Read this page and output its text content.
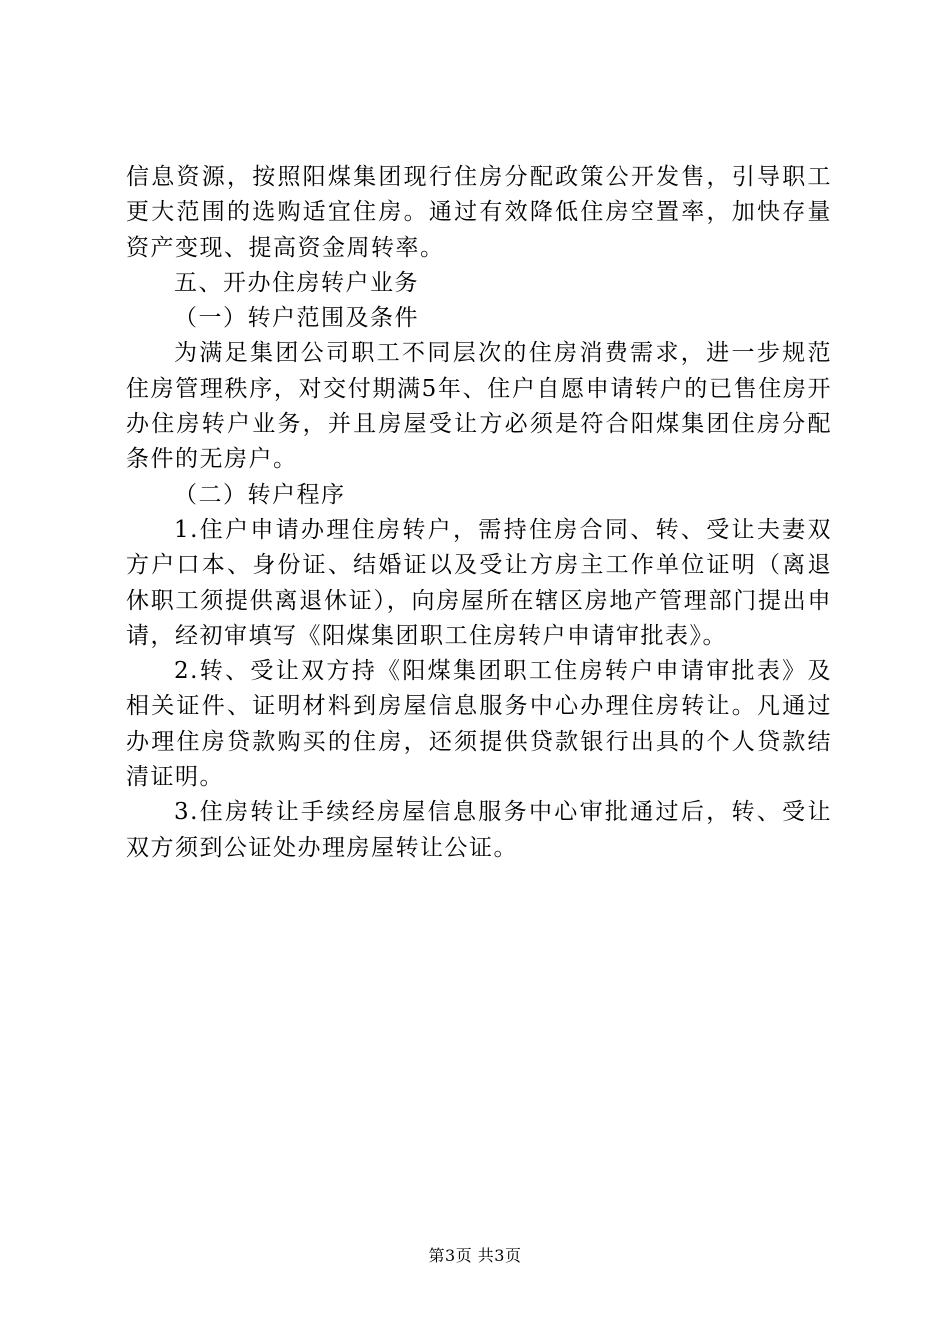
信息资源，按照阳煤集团现行住房分配政策公开发售，引导职工更大范围的选购适宜住房。通过有效降低住房空置率，加快存量资产变现、提高资金周转率。

五、开办住房转户业务

（一）转户范围及条件

为满足集团公司职工不同层次的住房消费需求，进一步规范住房管理秩序，对交付期满5年、住户自愿申请转户的已售住房开办住房转户业务，并且房屋受让方必须是符合阳煤集团住房分配条件的无房户。

（二）转户程序

1.住户申请办理住房转户，需持住房合同、转、受让夫妻双方户口本、身份证、结婚证以及受让方房主工作单位证明（离退休职工须提供离退休证），向房屋所在辖区房地产管理部门提出申请，经初审填写《阳煤集团职工住房转户申请审批表》。

2.转、受让双方持《阳煤集团职工住房转户申请审批表》及相关证件、证明材料到房屋信息服务中心办理住房转让。凡通过办理住房贷款购买的住房，还须提供贷款银行出具的个人贷款结清证明。

3.住房转让手续经房屋信息服务中心审批通过后，转、受让双方须到公证处办理房屋转让公证。

第3页 共3页
